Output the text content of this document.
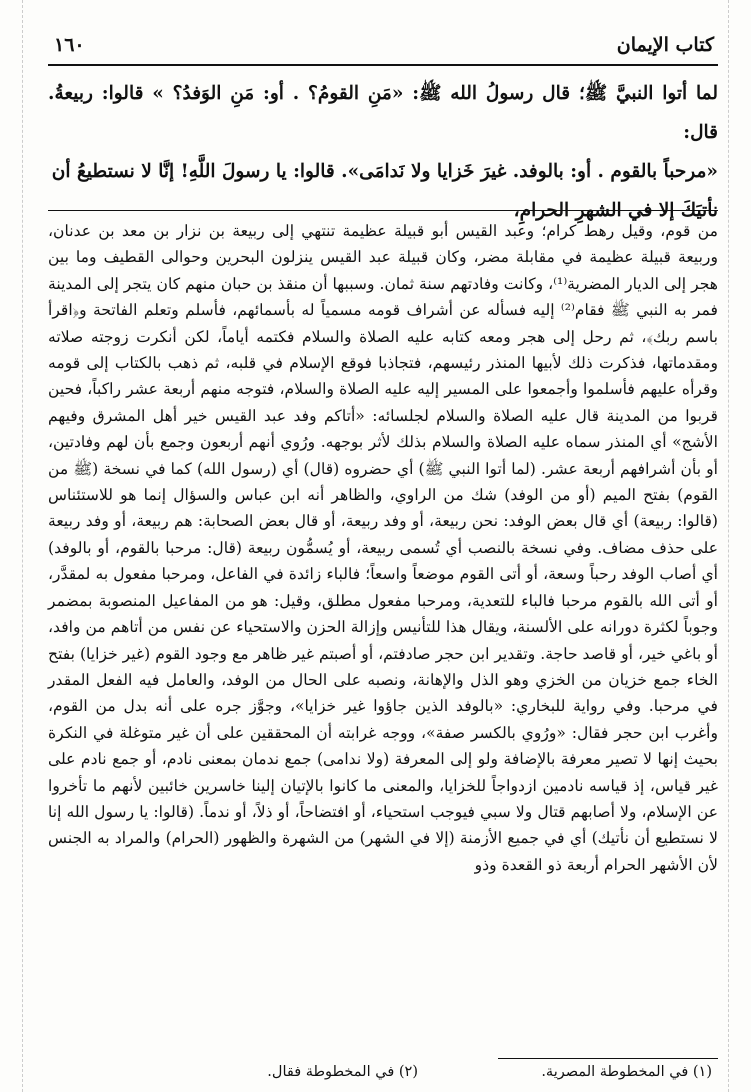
كتاب الإيمان
١٦٠

لما أتوا النبيَّ ﷺ؛ قال رسولُ الله ﷺ: «مَنِ القومُ؟ . أو: مَنِ الوَفدُ؟ » قالوا: ربيعةُ. قال:

«مرحباً بالقوم . أو: بالوفد. غيرَ خَزايا ولا نَدامَى». قالوا: يا رسولَ اللَّهِ! إنَّا لا نستطيعُ أن

نأتيَكَ إلا في الشهرِ الحرامِ،

من قوم، وقيل رهط كرام؛ وعبد القيس أبو قبيلة عظيمة تنتهي إلى ربيعة بن نزار بن معد بن عدنان، وربيعة قبيلة عظيمة في مقابلة مضر، وكان قبيلة عبد القيس ينزلون البحرين وحوالى القطيف وما بين هجر إلى الديار المضرية⁽¹⁾، وكانت وفادتهم سنة ثمان. وسببها أن منقذ بن حبان منهم كان يتجر إلى المدينة فمر به النبي ﷺ فقام⁽²⁾ إليه فسأله عن أشراف قومه مسمياً له بأسمائهم، فأسلم وتعلم الفاتحة و﴿اقرأ باسم ربك﴾، ثم رحل إلى هجر ومعه كتابه عليه الصلاة والسلام فكتمه أياماً، لكن أنكرت زوجته صلاته ومقدماتها، فذكرت ذلك لأبيها المنذر رئيسهم، فتجاذبا فوقع الإسلام في قلبه، ثم ذهب بالكتاب إلى قومه وقرأه عليهم فأسلموا وأجمعوا على المسير إليه عليه الصلاة والسلام، فتوجه منهم أربعة عشر راكباً، فحين قربوا من المدينة قال عليه الصلاة والسلام لجلسائه: «أتاكم وفد عبد القيس خير أهل المشرق وفيهم الأشج» أي المنذر سماه عليه الصلاة والسلام بذلك لأثر بوجهه. ورُوي أنهم أربعون وجمع بأن لهم وفادتين، أو بأن أشرافهم أربعة عشر. (لما أتوا النبي ﷺ) أي حضروه (قال) أي (رسول الله) كما في نسخة (ﷺ من القوم) بفتح الميم (أو من الوفد) شك من الراوي، والظاهر أنه ابن عباس والسؤال إنما هو للاستئناس (قالوا: ربيعة) أي قال بعض الوفد: نحن ربيعة، أو وفد ربيعة، أو قال بعض الصحابة: هم ربيعة، أو وفد ربيعة على حذف مضاف. وفي نسخة بالنصب أي تُسمى ربيعة، أو يُسمُّون ربيعة (قال: مرحبا بالقوم، أو بالوفد) أي أصاب الوفد رحباً وسعة، أو أتى القوم موضعاً واسعاً؛ فالباء زائدة في الفاعل، ومرحبا مفعول به لمقدَّر، أو أتى الله بالقوم مرحبا فالباء للتعدية، ومرحبا مفعول مطلق، وقيل: هو من المفاعيل المنصوبة بمضمر وجوباً لكثرة دورانه على الألسنة، ويقال هذا للتأنيس وإزالة الحزن والاستحياء عن نفس من أتاهم من وافد، أو باغي خير، أو قاصد حاجة. وتقدير ابن حجر صادفتم، أو أصبتم غير ظاهر مع وجود القوم (غير خزايا) بفتح الخاء جمع خزيان من الخزي وهو الذل والإهانة، ونصبه على الحال من الوفد، والعامل فيه الفعل المقدر في مرحبا. وفي رواية للبخاري: «بالوفد الذين جاؤوا غير خزايا»، وجوَّز جره على أنه بدل من القوم، وأغرب ابن حجر فقال: «ورُوي بالكسر صفة»، ووجه غرابته أن المحققين على أن غير متوغلة في النكرة بحيث إنها لا تصير معرفة بالإضافة ولو إلى المعرفة (ولا ندامى) جمع ندمان بمعنى نادم، أو جمع نادم على غير قياس، إذ قياسه نادمين ازدواجاً للخزايا، والمعنى ما كانوا بالإتيان إلينا خاسرين خائبين لأنهم ما تأخروا عن الإسلام، ولا أصابهم قتال ولا سبي فيوجب استحياء، أو افتضاحاً، أو ذلاً، أو ندماً. (قالوا: يا رسول الله إنا لا نستطيع أن نأتيك) أي في جميع الأزمنة (إلا في الشهر) من الشهرة والظهور (الحرام) والمراد به الجنس لأن الأشهر الحرام أربعة ذو القعدة وذو

(١) في المخطوطة المصرية.
(٢) في المخطوطة فقال.
